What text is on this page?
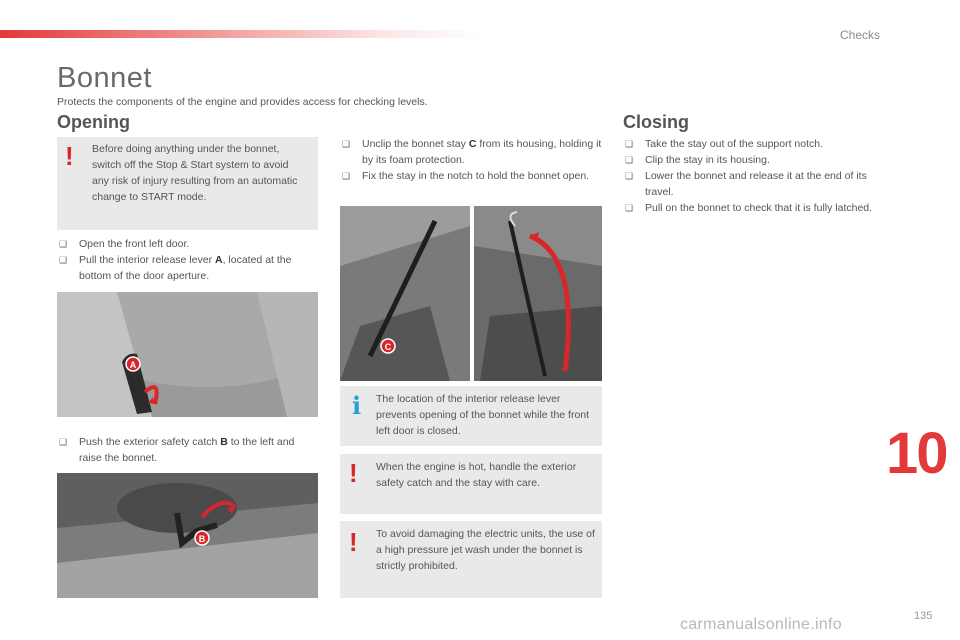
Checks
Bonnet
Protects the components of the engine and provides access for checking levels.
Opening
! Before doing anything under the bonnet, switch off the Stop & Start system to avoid any risk of injury resulting from an automatic change to START mode.
❑ Open the front left door.
❑ Pull the interior release lever A, located at the bottom of the door aperture.
A
❑ Push the exterior safety catch B to the left and raise the bonnet.
B
❑ Unclip the bonnet stay C from its housing, holding it by its foam protection.
❑ Fix the stay in the notch to hold the bonnet open.
C
i The location of the interior release lever prevents opening of the bonnet while the front left door is closed.
! When the engine is hot, handle the exterior safety catch and the stay with care.
! To avoid damaging the electric units, the use of a high pressure jet wash under the bonnet is strictly prohibited.
Closing
❑ Take the stay out of the support notch.
❑ Clip the stay in its housing.
❑ Lower the bonnet and release it at the end of its travel.
❑ Pull on the bonnet to check that it is fully latched.
10
135
carmanualsonline.info
